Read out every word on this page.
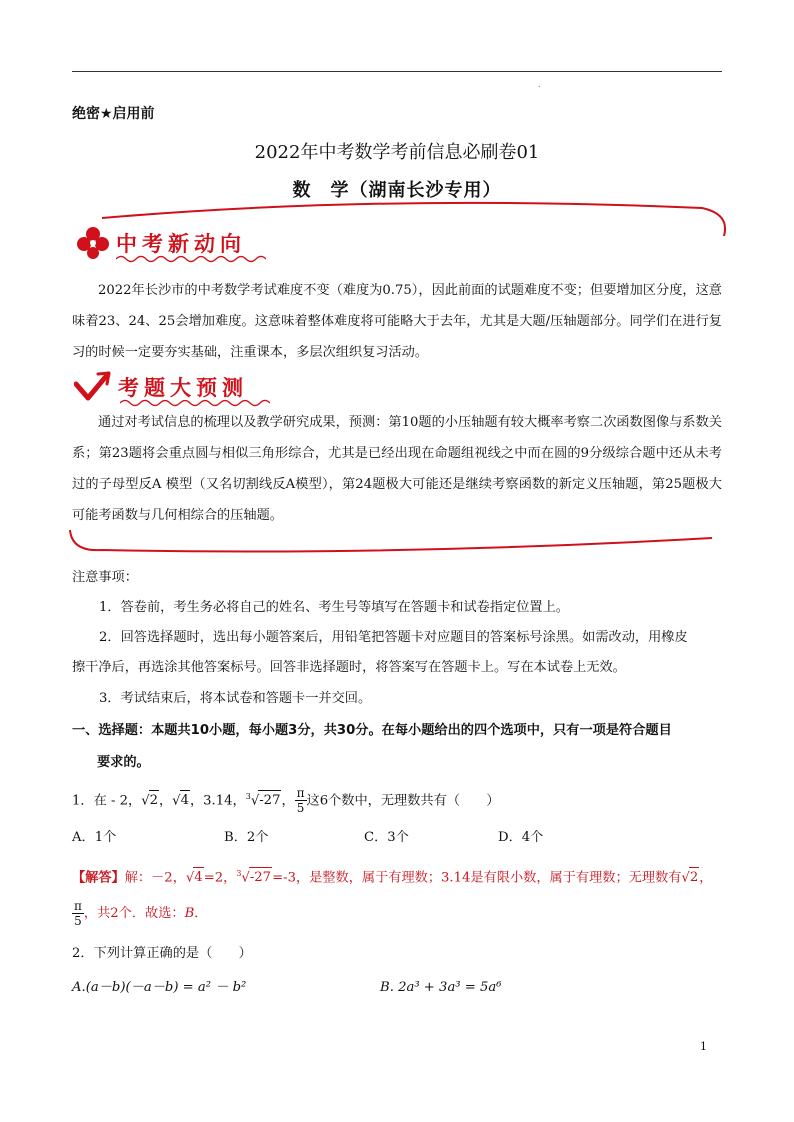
.
绝密★启用前
2022年中考数学考前信息必刷卷01
数　学（湖南长沙专用）
中考新动向
2022年长沙市的中考数学考试难度不变（难度为0.75），因此前面的试题难度不变；但要增加区分度，这意味着23、24、25会增加难度。这意味着整体难度将可能略大于去年，尤其是大题/压轴题部分。同学们在进行复习的时候一定要夯实基础，注重课本，多层次组织复习活动。
考题大预测
通过对考试信息的梳理以及教学研究成果，预测：第10题的小压轴题有较大概率考察二次函数图像与系数关系；第23题将会重点圆与相似三角形综合，尤其是已经出现在命题组视线之中而在圆的9分级综合题中还从未考过的子母型反A 模型（又名切割线反A模型），第24题极大可能还是继续考察函数的新定义压轴题，第25题极大可能考函数与几何相综合的压轴题。
注意事项：
1．答卷前，考生务必将自己的姓名、考生号等填写在答题卡和试卷指定位置上。
2．回答选择题时，选出每小题答案后，用铅笔把答题卡对应题目的答案标号涂黑。如需改动，用橡皮
擦干净后，再选涂其他答案标号。回答非选择题时，将答案写在答题卡上。写在本试卷上无效。
3．考试结束后，将本试卷和答题卡一并交回。
一、选择题：本题共10小题，每小题3分，共30分。在每小题给出的四个选项中，只有一项是符合题目
要求的。
1．在 - 2，√2，√4，3.14，$^3$√-27， $\frac{\pi}{5}$ 这6个数中，无理数共有（　　）
A．1个	B．2个	C．3个	D．4个
【解答】解：－2，√4=2，$^3$√-27=-3，是整数，属于有理数；3.14是有限小数，属于有理数；无理数有√2，
$\frac{\pi}{5}$ ，共2个．故选：B．
2．下列计算正确的是（　　）
A.(a－b)(－a－b) = a² － b²	B. 2a³ + 3a³ = 5a⁶
1
